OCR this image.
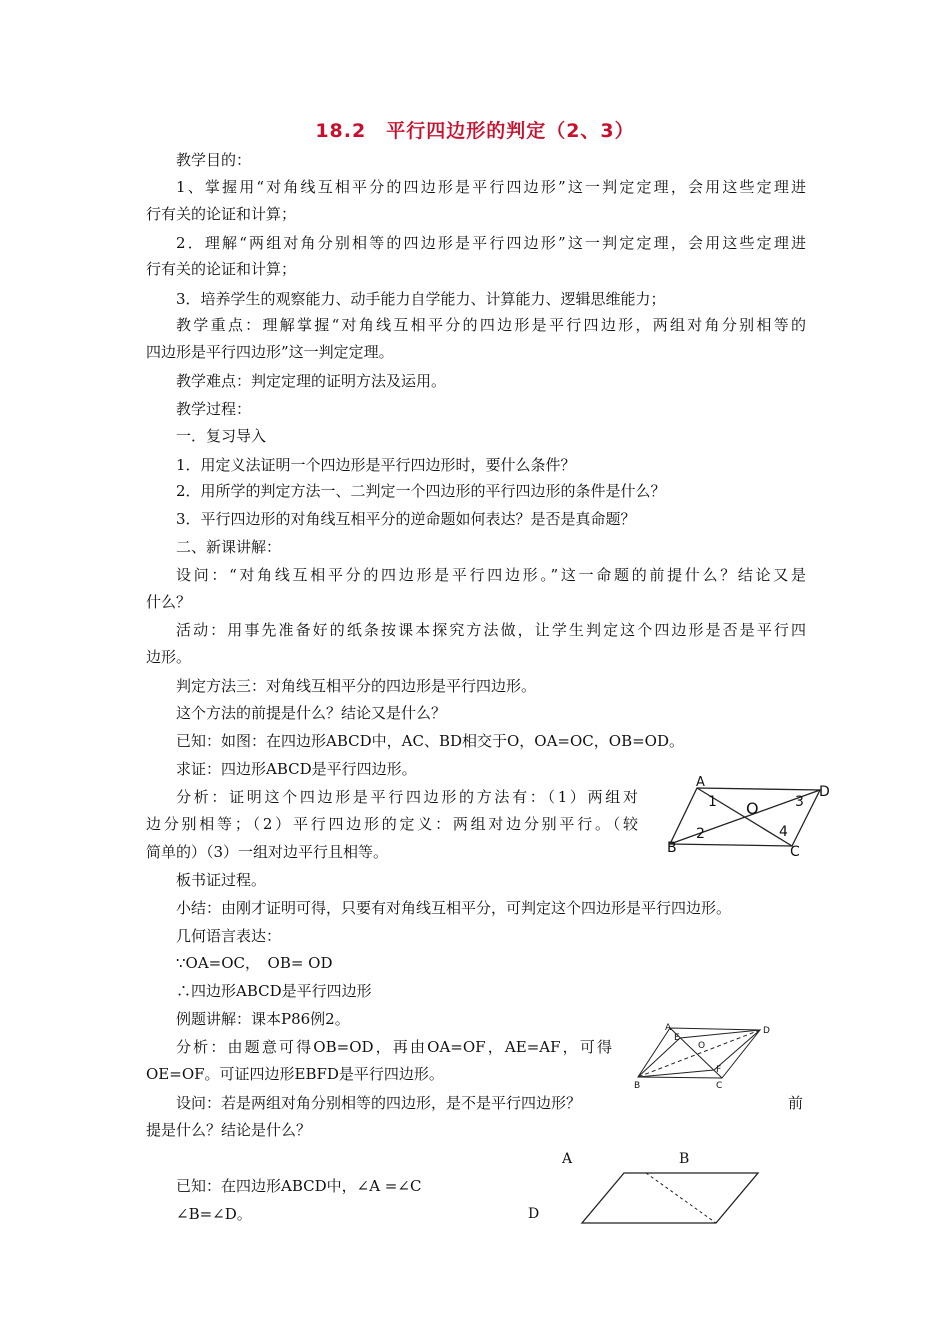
18.2　平行四边形的判定（2、3）
教学目的：
1、掌握用“对角线互相平分的四边形是平行四边形”这一判定定理，会用这些定理进
行有关的论证和计算；
2．理解“两组对角分别相等的四边形是平行四边形”这一判定定理，会用这些定理进
行有关的论证和计算；
3．培养学生的观察能力、动手能力自学能力、计算能力、逻辑思维能力；
教学重点：理解掌握“对角线互相平分的四边形是平行四边形，两组对角分别相等的
四边形是平行四边形”这一判定定理。
教学难点：判定定理的证明方法及运用。
教学过程：
一．复习导入
1．用定义法证明一个四边形是平行四边形时，要什么条件？
2．用所学的判定方法一、二判定一个四边形的平行四边形的条件是什么？
3．平行四边形的对角线互相平分的逆命题如何表达？是否是真命题？
二、新课讲解：
设问：“对角线互相平分的四边形是平行四边形。”这一命题的前提什么？结论又是
什么？
活动：用事先准备好的纸条按课本探究方法做，让学生判定这个四边形是否是平行四
边形。
判定方法三：对角线互相平分的四边形是平行四边形。
这个方法的前提是什么？结论又是什么？
已知：如图：在四边形ABCD中，AC、BD相交于O，OA=OC，OB=OD。
求证：四边形ABCD是平行四边形。
分析：证明这个四边形是平行四边形的方法有：（1）两组对
边分别相等；（2）平行四边形的定义：两组对边分别平行。（较
简单的）（3）一组对边平行且相等。
板书证过程。
小结：由刚才证明可得，只要有对角线互相平分，可判定这个四边形是平行四边形。
几何语言表达：
∵OA=OC，　OB= OD
∴四边形ABCD是平行四边形
例题讲解：课本P86例2。
分析：由题意可得OB=OD，再由OA=OF，AE=AF，可得
OE=OF。可证四边形EBFD是平行四边形。
设问：若是两组对角分别相等的四边形，是不是平行四边形？	前
提是什么？结论是什么？
已知：在四边形ABCD中，∠A =∠C
∠B=∠D。
A
B	C
D
O
1
2
3
4
A
B	C
D
E
F
O
A	B
D
